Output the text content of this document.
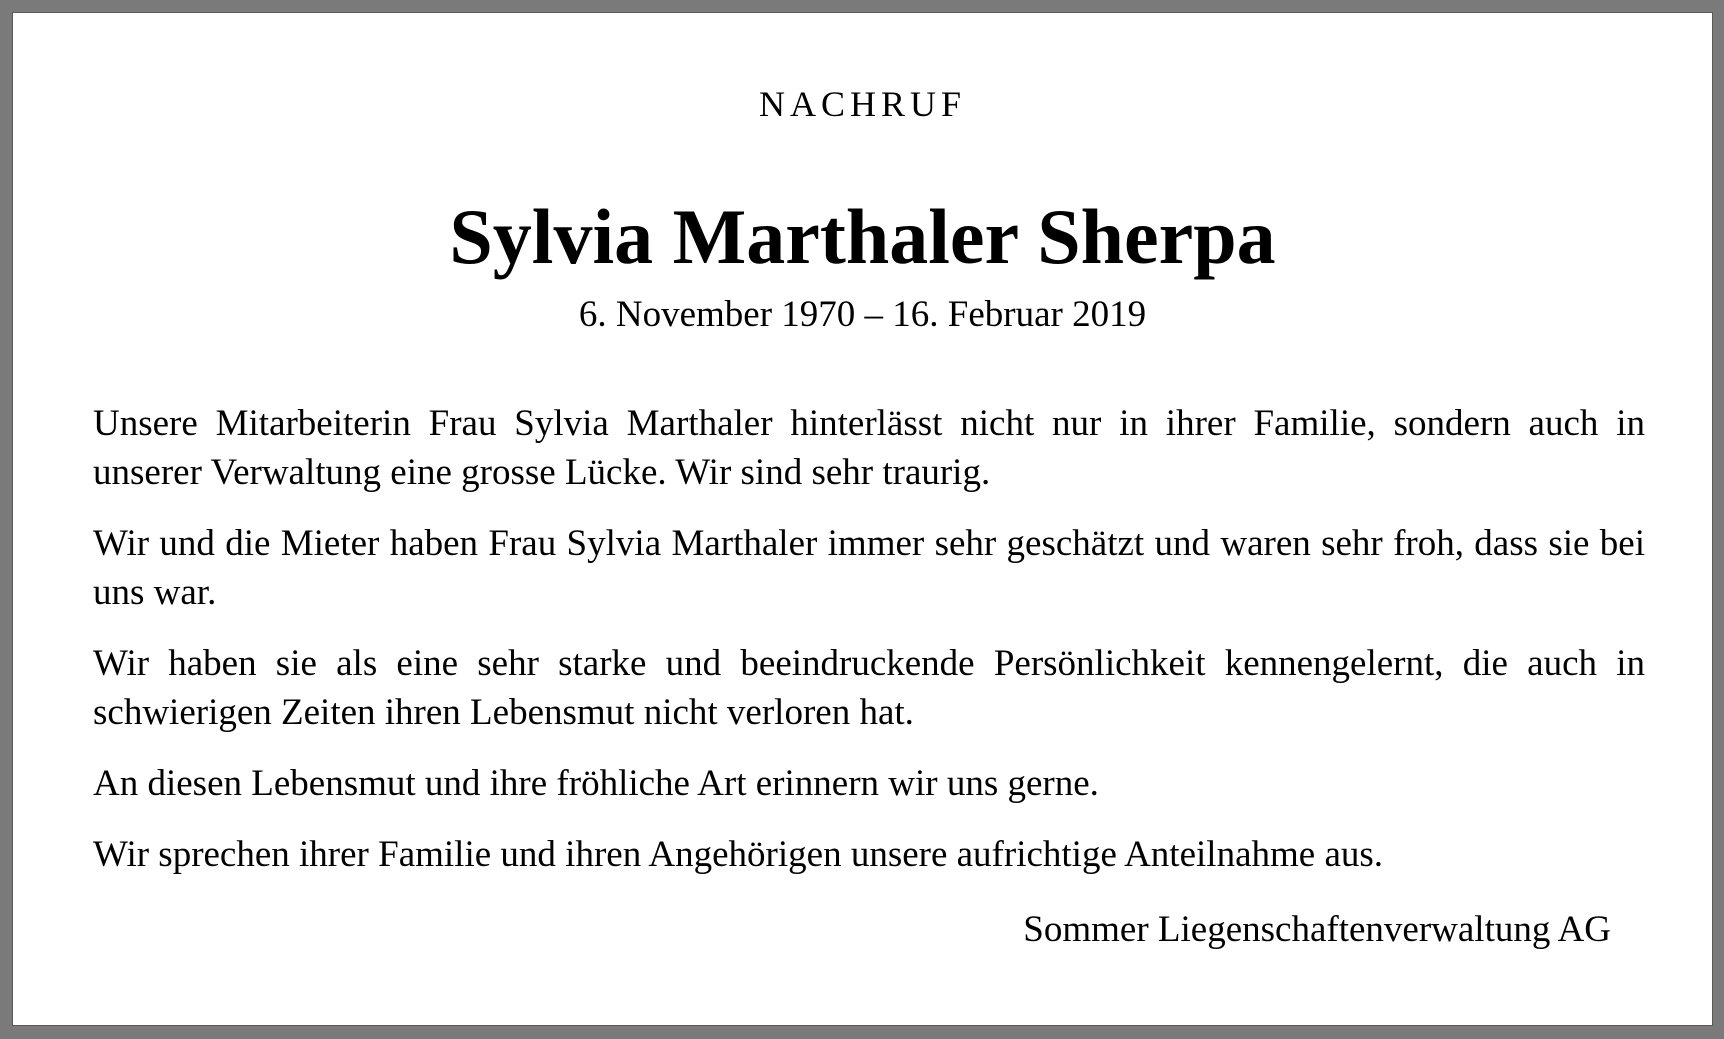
NACHRUF
Sylvia Marthaler Sherpa
6. November 1970 – 16. Februar 2019

Unsere Mitarbeiterin Frau Sylvia Marthaler hinterlässt nicht nur in ihrer Familie, sondern auch in unserer Verwaltung eine grosse Lücke. Wir sind sehr traurig.

Wir und die Mieter haben Frau Sylvia Marthaler immer sehr geschätzt und waren sehr froh, dass sie bei uns war.

Wir haben sie als eine sehr starke und beeindruckende Persönlichkeit kennengelernt, die auch in schwierigen Zeiten ihren Lebensmut nicht verloren hat.

An diesen Lebensmut und ihre fröhliche Art erinnern wir uns gerne.

Wir sprechen ihrer Familie und ihren Angehörigen unsere aufrichtige Anteilnahme aus.

Sommer Liegenschaftenverwaltung AG
